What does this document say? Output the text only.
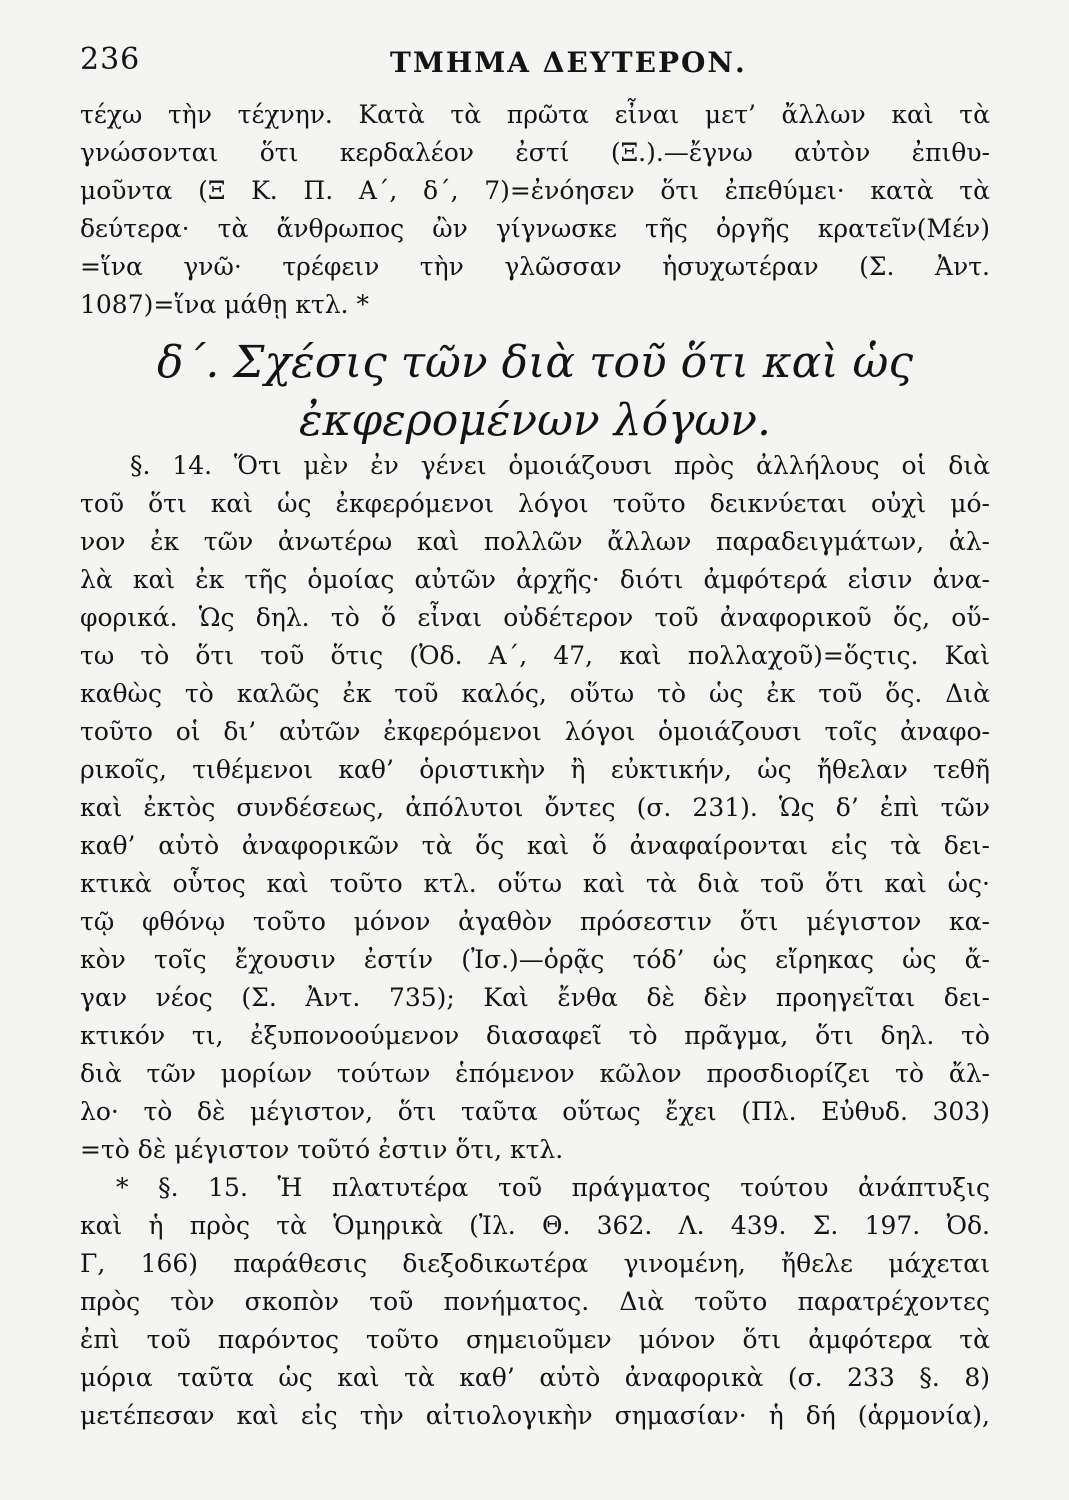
236	ΤΜΗΜΑ ΔΕΥΤΕΡΟΝ.
τέχω τὴν τέχνην. Κατὰ τὰ πρῶτα εἶναι μετ’ ἄλλων καὶ τὰ
γνώσονται ὅτι κερδαλέον ἐστί (Ξ.).—ἔγνω αὐτὸν ἐπιθυ-
μοῦντα (Ξ Κ. Π. Α΄, δ΄, 7)=ἐνόησεν ὅτι ἐπεθύμει· κατὰ τὰ
δεύτερα· τὰ ἄνθρωπος ὢν γίγνωσκε τῆς ὀργῆς κρατεῖν(Μέν)
=ἵνα γνῶ· τρέφειν τὴν γλῶσσαν ἡσυχωτέραν (Σ. Ἀντ.
1087)=ἵνα μάθῃ κτλ. *
δ΄. Σχέσις τῶν διὰ τοῦ ὅτι καὶ ὡς
ἐκφερομένων λόγων.
§. 14. Ὅτι μὲν ἐν γένει ὁμοιάζουσι πρὸς ἀλλήλους οἱ διὰ
τοῦ ὅτι καὶ ὡς ἐκφερόμενοι λόγοι τοῦτο δεικνύεται οὐχὶ μό-
νον ἐκ τῶν ἀνωτέρω καὶ πολλῶν ἄλλων παραδειγμάτων, ἀλ-
λὰ καὶ ἐκ τῆς ὁμοίας αὐτῶν ἀρχῆς· διότι ἀμφότερά εἰσιν ἀνα-
φορικά. Ὡς δηλ. τὸ ὅ εἶναι οὐδέτερον τοῦ ἀναφορικοῦ ὅς, οὕ-
τω τὸ ὅτι τοῦ ὅτις (Ὀδ. Α΄, 47, καὶ πολλαχοῦ)=ὅςτις. Καὶ
καθὼς τὸ καλῶς ἐκ τοῦ καλός, οὕτω τὸ ὡς ἐκ τοῦ ὅς. Διὰ
τοῦτο οἱ δι’ αὐτῶν ἐκφερόμενοι λόγοι ὁμοιάζουσι τοῖς ἀναφο-
ρικοῖς, τιθέμενοι καθ’ ὁριστικὴν ἢ εὐκτικήν, ὡς ἤθελαν τεθῆ
καὶ ἐκτὸς συνδέσεως, ἀπόλυτοι ὄντες (σ. 231). Ὡς δ’ ἐπὶ τῶν
καθ’ αὑτὸ ἀναφορικῶν τὰ ὅς καὶ ὅ ἀναφαίρονται εἰς τὰ δει-
κτικὰ οὗτος καὶ τοῦτο κτλ. οὕτω καὶ τὰ διὰ τοῦ ὅτι καὶ ὡς·
τῷ φθόνῳ τοῦτο μόνον ἀγαθὸν πρόσεστιν ὅτι μέγιστον κα-
κὸν τοῖς ἔχουσιν ἐστίν (Ἰσ.)—ὁρᾷς τόδ’ ὡς εἴρηκας ὡς ἄ-
γαν νέος (Σ. Ἀντ. 735); Καὶ ἔνθα δὲ δὲν προηγεῖται δει-
κτικόν τι, ἐξυπονοούμενον διασαφεῖ τὸ πρᾶγμα, ὅτι δηλ. τὸ
διὰ τῶν μορίων τούτων ἑπόμενον κῶλον προσδιορίζει τὸ ἄλ-
λο· τὸ δὲ μέγιστον, ὅτι ταῦτα οὕτως ἔχει (Πλ. Εὐθυδ. 303)
=τὸ δὲ μέγιστον τοῦτό ἐστιν ὅτι, κτλ.
* §. 15. Ἡ πλατυτέρα τοῦ πράγματος τούτου ἀνάπτυξις
καὶ ἡ πρὸς τὰ Ὁμηρικὰ (Ἰλ. Θ. 362. Λ. 439. Σ. 197. Ὀδ.
Γ, 166) παράθεσις διεξοδικωτέρα γινομένη, ἤθελε μάχεται
πρὸς τὸν σκοπὸν τοῦ πονήματος. Διὰ τοῦτο παρατρέχοντες
ἐπὶ τοῦ παρόντος τοῦτο σημειοῦμεν μόνον ὅτι ἀμφότερα τὰ
μόρια ταῦτα ὡς καὶ τὰ καθ’ αὑτὸ ἀναφορικὰ (σ. 233 §. 8)
μετέπεσαν καὶ εἰς τὴν αἰτιολογικὴν σημασίαν· ἡ δή (ἁρμονία),
